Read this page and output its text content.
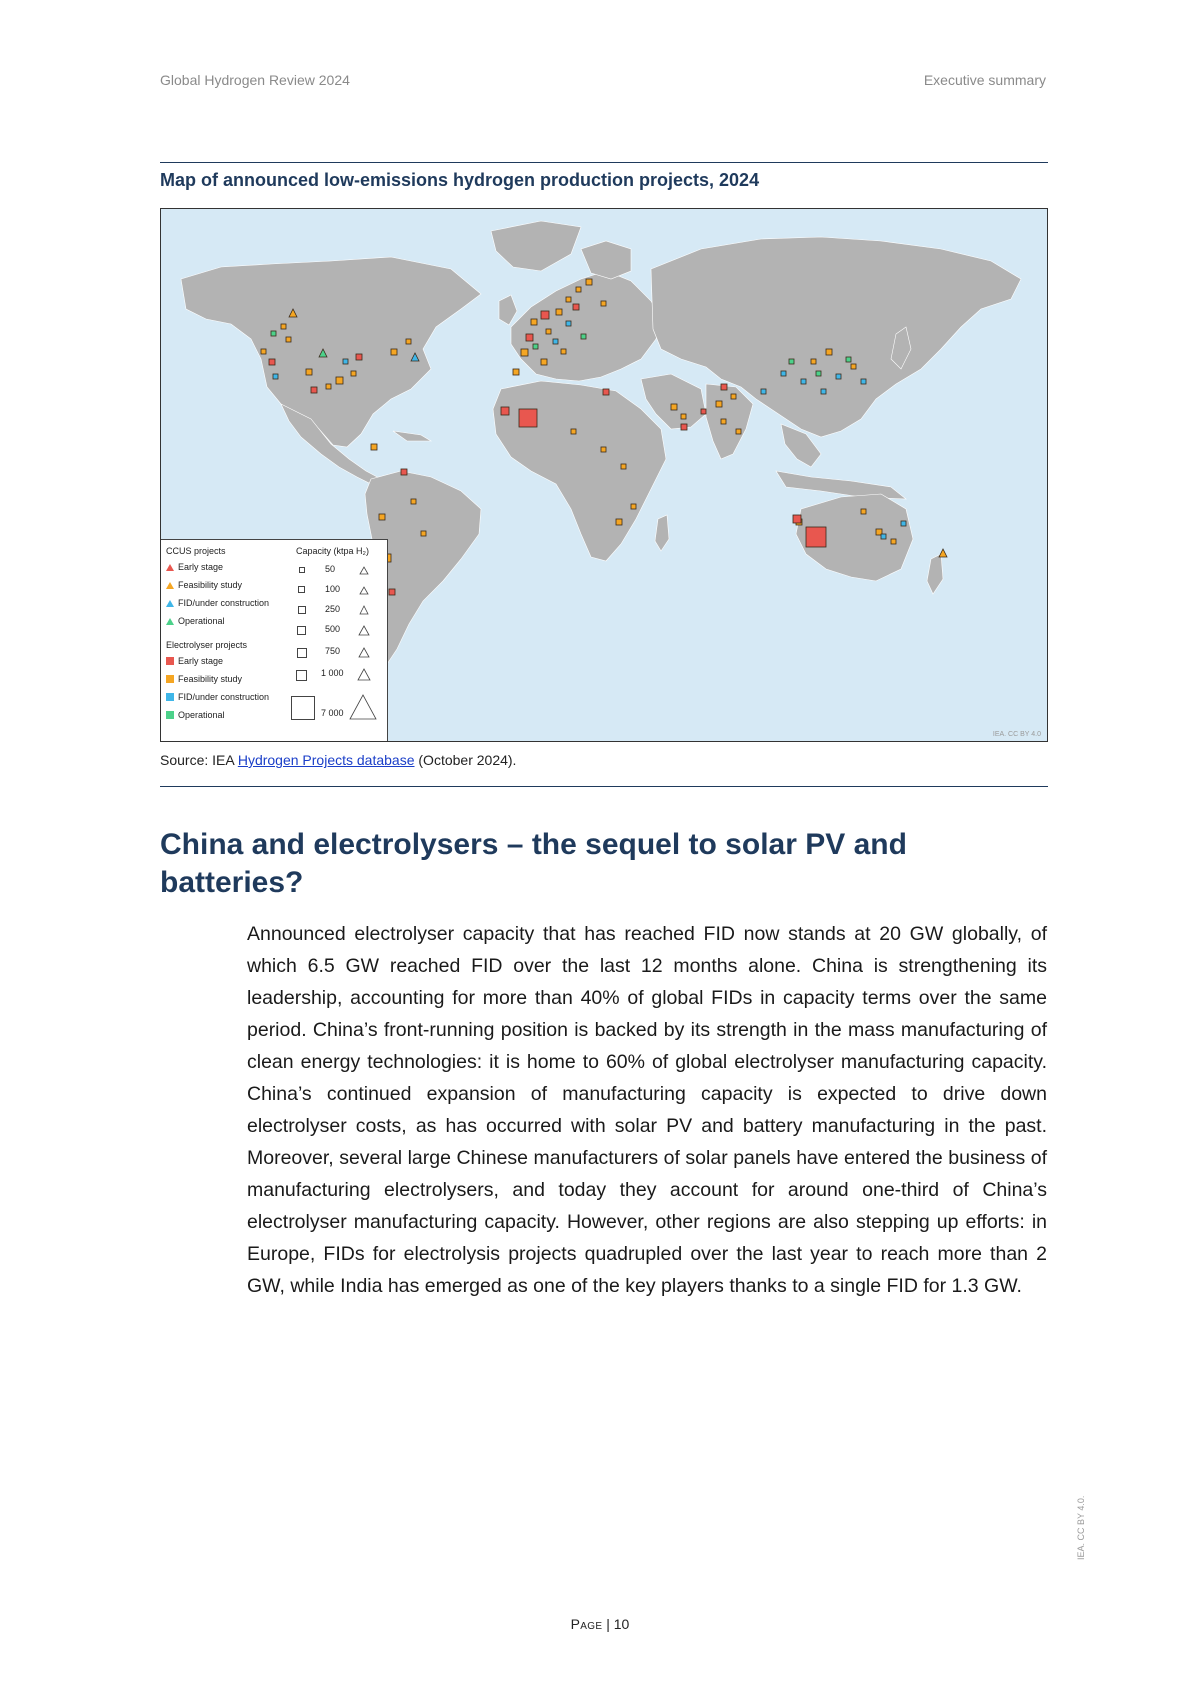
Global Hydrogen Review 2024	Executive summary
Map of announced low-emissions hydrogen production projects, 2024
CCUS projects
Early stage
Feasibility study
FID/under construction
Operational
Electrolyser projects
Early stage
Feasibility study
FID/under construction
Operational
Capacity (ktpa H₂)
50
100
250
500
750
1 000
7 000
IEA. CC BY 4.0
Source: IEA Hydrogen Projects database (October 2024).
China and electrolysers – the sequel to solar PV and batteries?
Announced electrolyser capacity that has reached FID now stands at 20 GW globally, of which 6.5 GW reached FID over the last 12 months alone. China is strengthening its leadership, accounting for more than 40% of global FIDs in capacity terms over the same period. China’s front-running position is backed by its strength in the mass manufacturing of clean energy technologies: it is home to 60% of global electrolyser manufacturing capacity. China’s continued expansion of manufacturing capacity is expected to drive down electrolyser costs, as has occurred with solar PV and battery manufacturing in the past. Moreover, several large Chinese manufacturers of solar panels have entered the business of manufacturing electrolysers, and today they account for around one-third of China’s electrolyser manufacturing capacity. However, other regions are also stepping up efforts: in Europe, FIDs for electrolysis projects quadrupled over the last year to reach more than 2 GW, while India has emerged as one of the key players thanks to a single FID for 1.3 GW.
Page | 10
IEA. CC BY 4.0.
